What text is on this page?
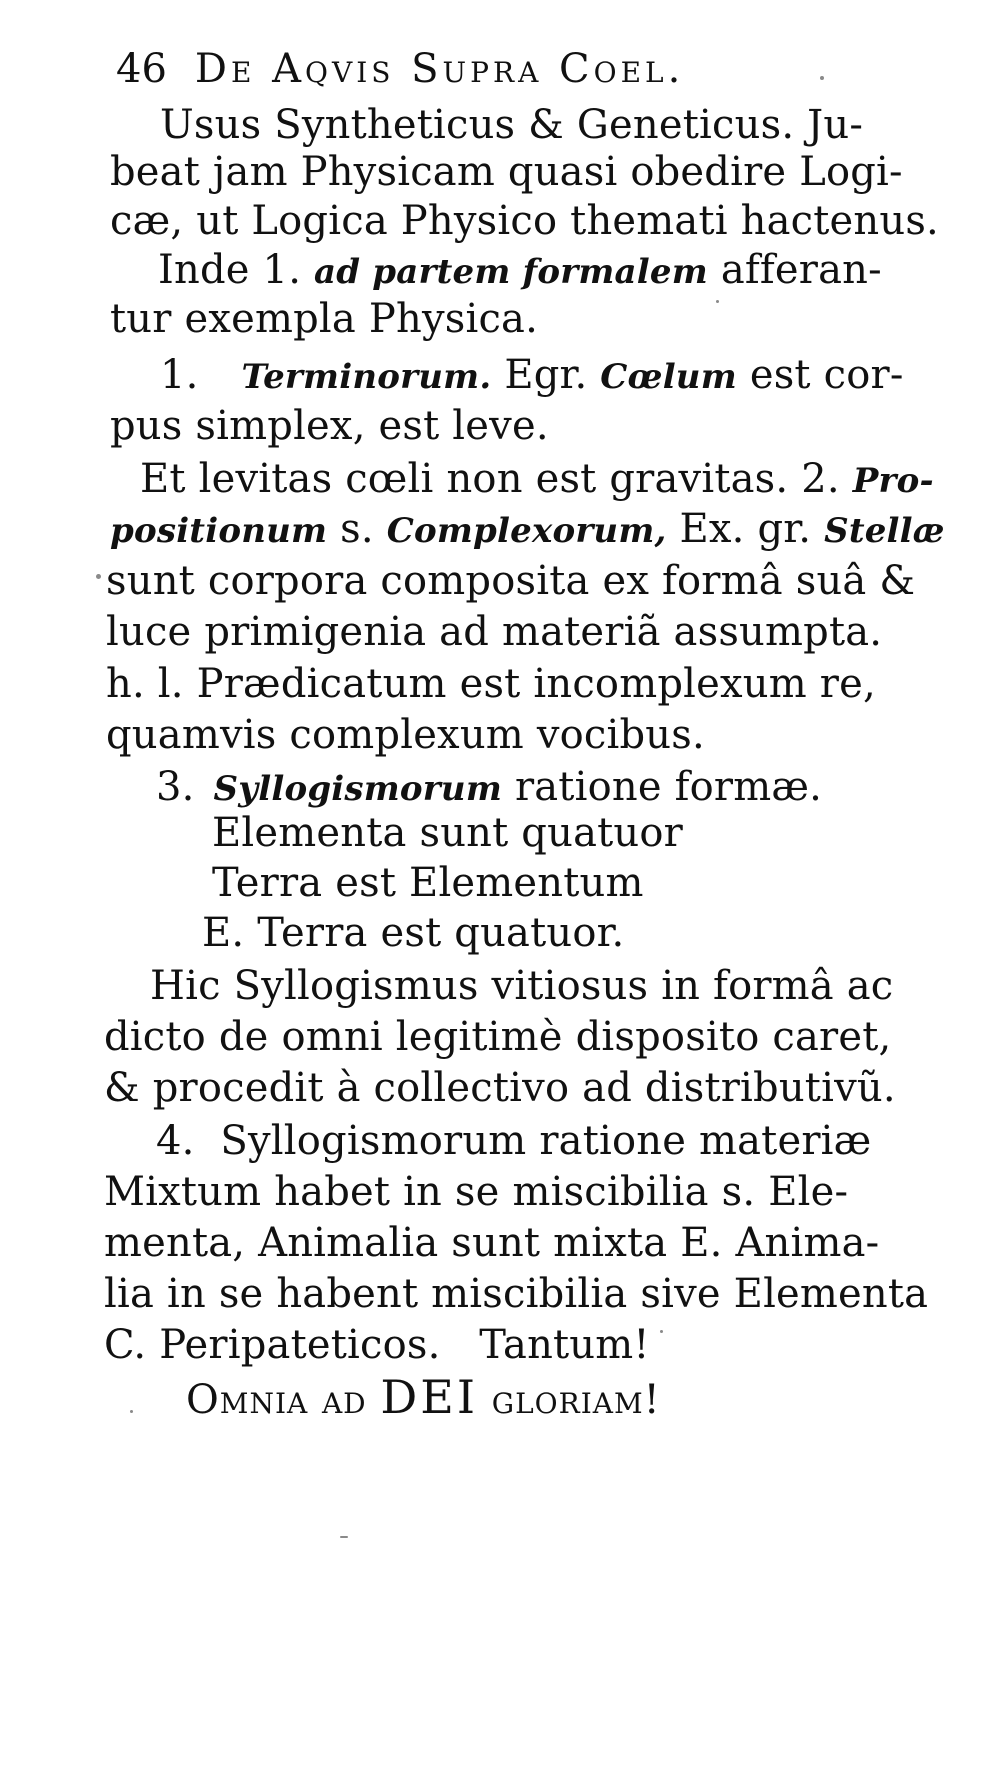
46 De Aqvis Supra Coel.
Usus Syntheticus & Geneticus. Ju-
beat jam Physicam quasi obedire Logi-
cæ, ut Logica Physico themati hactenus.
Inde 1. ad partem formalem afferan-
tur exempla Physica.
1. Terminorum. Egr. Cœlum est cor-
pus simplex, est leve.
Et levitas cœli non est gravitas. 2. Pro-
positionum s. Complexorum, Ex. gr. Stellæ
sunt corpora composita ex formâ suâ &
luce primigenia ad materiã assumpta.
h. l. Prædicatum est incomplexum re,
quamvis complexum vocibus.
3. Syllogismorum ratione formæ.
Elementa sunt quatuor
Terra est Elementum
E. Terra est quatuor.
Hic Syllogismus vitiosus in formâ ac
dicto de omni legitimè disposito caret,
& procedit à collectivo ad distributivũ.
4.  Syllogismorum ratione materiæ
Mixtum habet in se miscibilia s. Ele-
menta, Animalia sunt mixta E. Anima-
lia in se habent miscibilia sive Elementa
C. Peripateticos.   Tantum!
Omnia ad DEI gloriam!
